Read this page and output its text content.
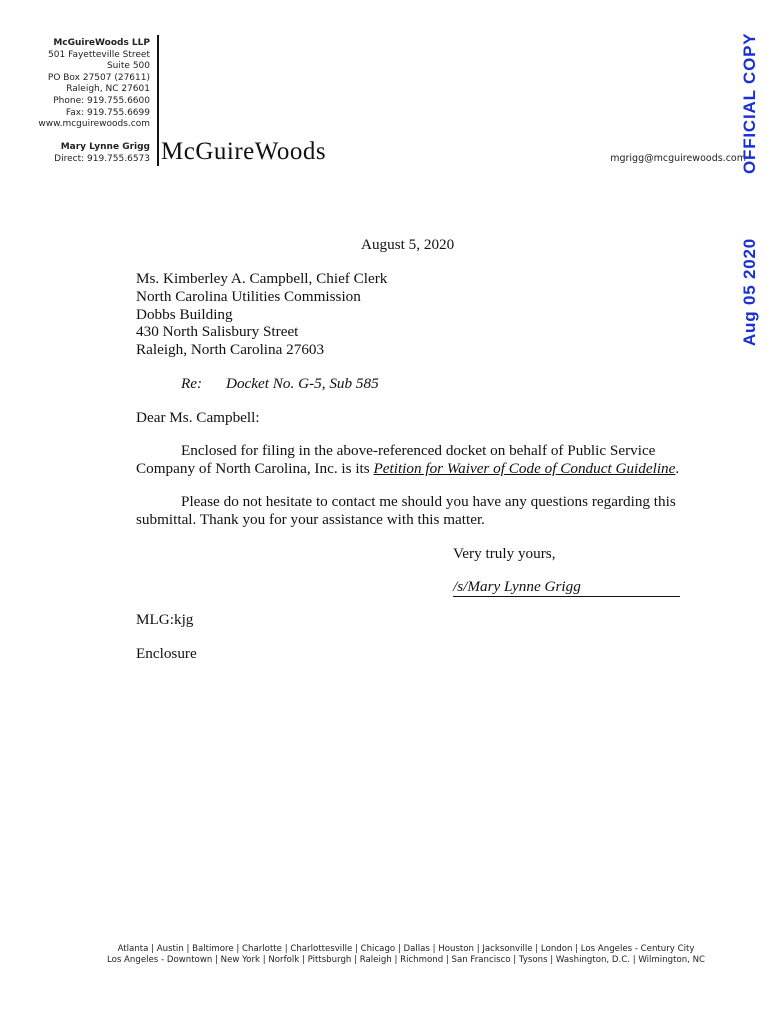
McGuireWoods LLP
501 Fayetteville Street
Suite 500
PO Box 27507 (27611)
Raleigh, NC 27601
Phone: 919.755.6600
Fax: 919.755.6699
www.mcguirewoods.com
Mary Lynne Grigg
Direct: 919.755.6573 McGuireWoods	mgrigg@mcguirewoods.com
OFFICIAL COPY
Aug 05 2020
August 5, 2020
Ms. Kimberley A. Campbell, Chief Clerk
North Carolina Utilities Commission
Dobbs Building
430 North Salisbury Street
Raleigh, North Carolina 27603
Re: Docket No. G-5, Sub 585
Dear Ms. Campbell:
Enclosed for filing in the above-referenced docket on behalf of Public Service
Company of North Carolina, Inc. is its Petition for Waiver of Code of Conduct Guideline.
Please do not hesitate to contact me should you have any questions regarding this
submittal. Thank you for your assistance with this matter.
Very truly yours,
/s/Mary Lynne Grigg
MLG:kjg
Enclosure
Atlanta | Austin | Baltimore | Charlotte | Charlottesville | Chicago | Dallas | Houston | Jacksonville | London | Los Angeles - Century City
Los Angeles - Downtown | New York | Norfolk | Pittsburgh | Raleigh | Richmond | San Francisco | Tysons | Washington, D.C. | Wilmington, NC
